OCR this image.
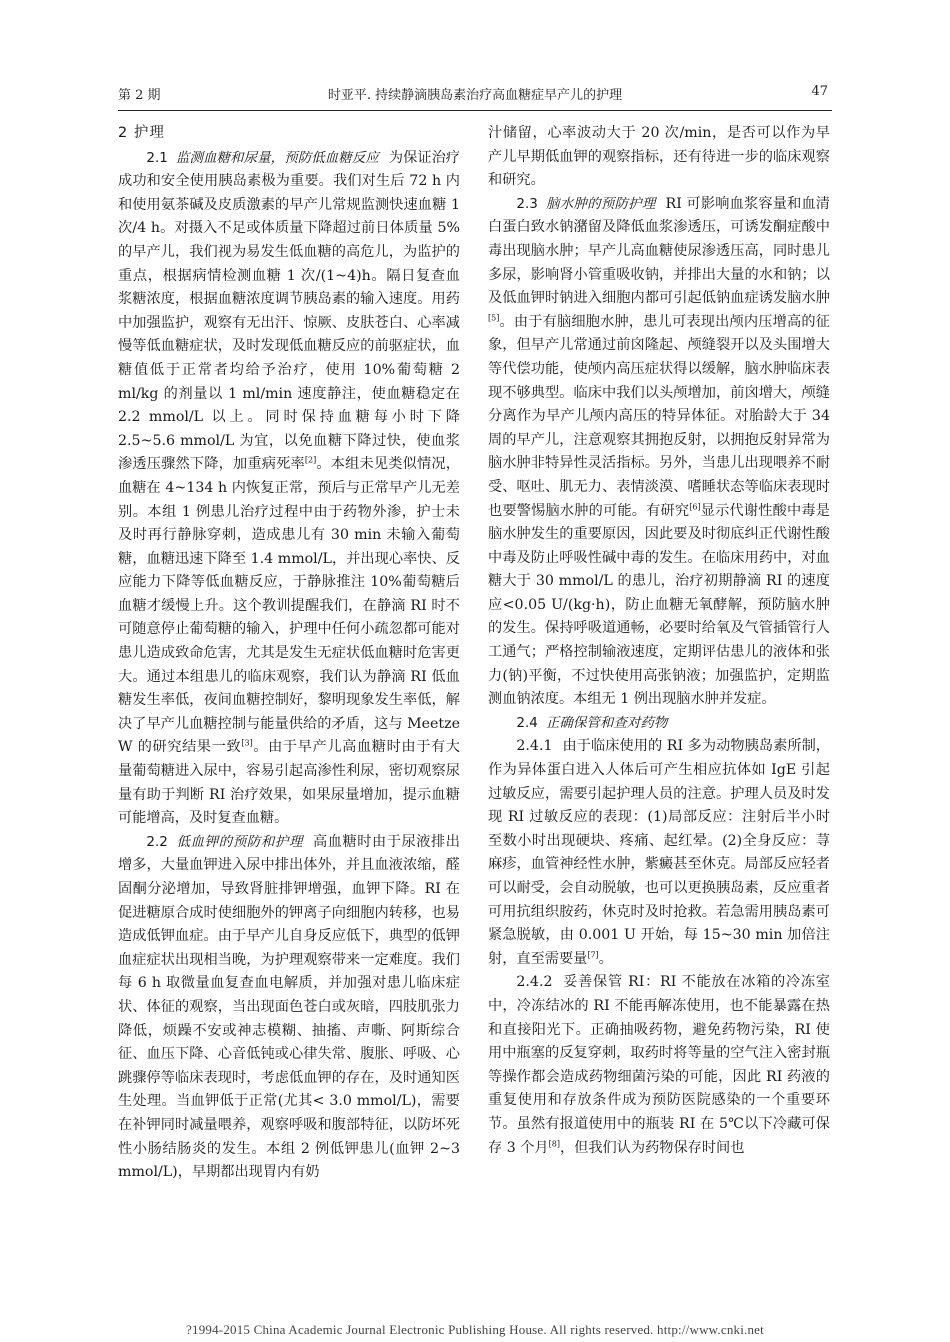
第 2 期	时亚平. 持续静滴胰岛素治疗高血糖症早产儿的护理	47
2 护理

2.1 监测血糖和尿量，预防低血糖反应 为保证治疗成功和安全使用胰岛素极为重要。我们对生后 72 h 内和使用氨茶碱及皮质激素的早产儿常规监测快速血糖 1 次/4 h。对摄入不足或体质量下降超过前日体质量 5%的早产儿，我们视为易发生低血糖的高危儿，为监护的重点，根据病情检测血糖 1 次/(1~4)h。隔日复查血浆糖浓度，根据血糖浓度调节胰岛素的输入速度。用药中加强监护，观察有无出汗、惊厥、皮肤苍白、心率减慢等低血糖症状，及时发现低血糖反应的前驱症状，血糖值低于正常者均给予治疗，使用 10%葡萄糖 2 ml/kg 的剂量以 1 ml/min 速度静注，使血糖稳定在 2.2 mmol/L 以上。同时保持血糖每小时下降 2.5~5.6 mmol/L 为宜，以免血糖下降过快，使血浆渗透压骤然下降，加重病死率[2]。本组未见类似情况，血糖在 4~134 h 内恢复正常，预后与正常早产儿无差别。本组 1 例患儿治疗过程中由于药物外渗，护士未及时再行静脉穿刺，造成患儿有 30 min 未输入葡萄糖，血糖迅速下降至 1.4 mmol/L，并出现心率快、反应能力下降等低血糖反应，于静脉推注 10%葡萄糖后血糖才缓慢上升。这个教训提醒我们，在静滴 RI 时不可随意停止葡萄糖的输入，护理中任何小疏忽都可能对患儿造成致命危害，尤其是发生无症状低血糖时危害更大。通过本组患儿的临床观察，我们认为静滴 RI 低血糖发生率低，夜间血糖控制好，黎明现象发生率低，解决了早产儿血糖控制与能量供给的矛盾，这与 Meetze W 的研究结果一致[3]。由于早产儿高血糖时由于有大量葡萄糖进入尿中，容易引起高渗性利尿，密切观察尿量有助于判断 RI 治疗效果，如果尿量增加，提示血糖可能增高，及时复查血糖。

2.2 低血钾的预防和护理 高血糖时由于尿液排出增多，大量血钾进入尿中排出体外，并且血液浓缩，醛固酮分泌增加，导致肾脏排钾增强，血钾下降。RI 在促进糖原合成时使细胞外的钾离子向细胞内转移，也易造成低钾血症。由于早产儿自身反应低下，典型的低钾血症症状出现相当晚，为护理观察带来一定难度。我们每 6 h 取微量血复查血电解质，并加强对患儿临床症状、体征的观察，当出现面色苍白或灰暗，四肢肌张力降低，烦躁不安或神志模糊、抽搐、声嘶、阿斯综合征、血压下降、心音低钝或心律失常、腹胀、呼吸、心跳骤停等临床表现时，考虑低血钾的存在，及时通知医生处理。当血钾低于正常(尤其< 3.0 mmol/L)，需要在补钾同时减量喂养，观察呼吸和腹部特征，以防坏死性小肠结肠炎的发生。本组 2 例低钾患儿(血钾 2~3 mmol/L)，早期都出现胃内有奶

汁储留，心率波动大于 20 次/min，是否可以作为早产儿早期低血钾的观察指标，还有待进一步的临床观察和研究。

2.3 脑水肿的预防护理 RI 可影响血浆容量和血清白蛋白致水钠潴留及降低血浆渗透压，可诱发酮症酸中毒出现脑水肿；早产儿高血糖使尿渗透压高，同时患儿多尿，影响肾小管重吸收钠，并排出大量的水和钠；以及低血钾时钠进入细胞内都可引起低钠血症诱发脑水肿[5]。由于有脑细胞水肿，患儿可表现出颅内压增高的征象，但早产儿常通过前囟隆起、颅缝裂开以及头围增大等代偿功能，使颅内高压症状得以缓解，脑水肿临床表现不够典型。临床中我们以头颅增加，前囟增大，颅缝分离作为早产儿颅内高压的特异体征。对胎龄大于 34 周的早产儿，注意观察其拥抱反射，以拥抱反射异常为脑水肿非特异性灵活指标。另外，当患儿出现喂养不耐受、呕吐、肌无力、表情淡漠、嗜睡状态等临床表现时也要警惕脑水肿的可能。有研究[6]显示代谢性酸中毒是脑水肿发生的重要原因，因此要及时彻底纠正代谢性酸中毒及防止呼吸性碱中毒的发生。在临床用药中，对血糖大于 30 mmol/L 的患儿，治疗初期静滴 RI 的速度应<0.05 U/(kg·h)，防止血糖无氧酵解，预防脑水肿的发生。保持呼吸道通畅，必要时给氧及气管插管行人工通气；严格控制输液速度，定期评估患儿的液体和张力(钠)平衡，不过快使用高张钠液；加强监护，定期监测血钠浓度。本组无 1 例出现脑水肿并发症。

2.4 正确保管和查对药物

2.4.1 由于临床使用的 RI 多为动物胰岛素所制，作为异体蛋白进入人体后可产生相应抗体如 IgE 引起过敏反应，需要引起护理人员的注意。护理人员及时发现 RI 过敏反应的表现：(1)局部反应：注射后半小时至数小时出现硬块、疼痛、起红晕。(2)全身反应：荨麻疹，血管神经性水肿，紫癜甚至休克。局部反应轻者可以耐受，会自动脱敏，也可以更换胰岛素，反应重者可用抗组织胺药，休克时及时抢救。若急需用胰岛素可紧急脱敏，由 0.001 U 开始，每 15~30 min 加倍注射，直至需要量[7]。

2.4.2 妥善保管 RI：RI 不能放在冰箱的冷冻室中，冷冻结冰的 RI 不能再解冻使用，也不能暴露在热和直接阳光下。正确抽吸药物，避免药物污染，RI 使用中瓶塞的反复穿刺，取药时将等量的空气注入密封瓶等操作都会造成药物细菌污染的可能，因此 RI 药液的重复使用和存放条件成为预防医院感染的一个重要环节。虽然有报道使用中的瓶装 RI 在 5℃以下冷藏可保存 3 个月[8]，但我们认为药物保存时间也

?1994-2015 China Academic Journal Electronic Publishing House. All rights reserved. http://www.cnki.net
